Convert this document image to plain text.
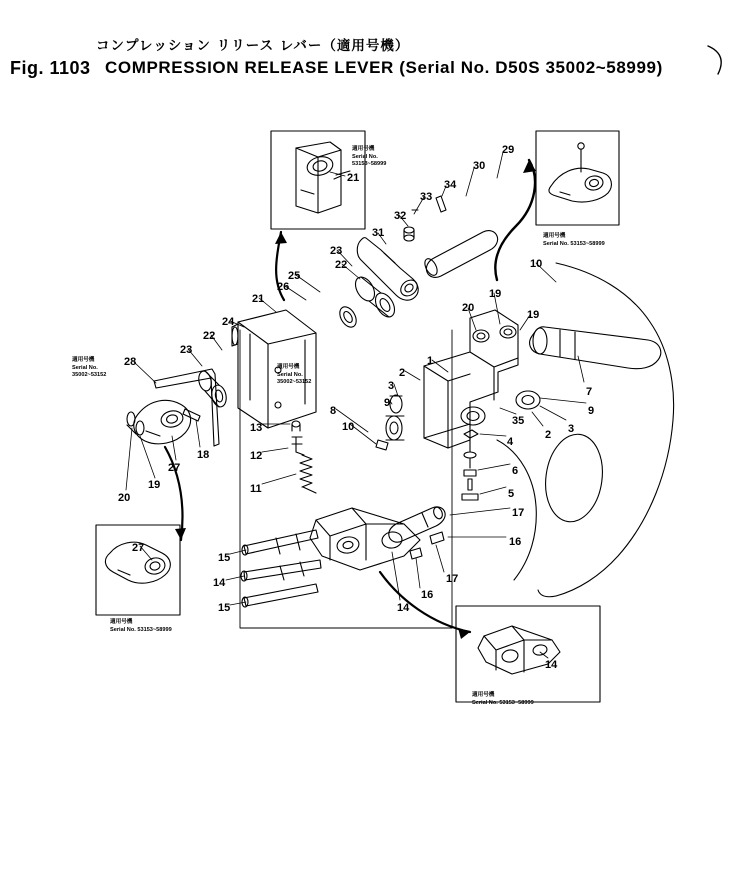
コンプレッション リリース レバー（適用号機）
Fig. 1103 COMPRESSION RELEASE LEVER (Serial No. D50S 35002~58999)
適用号機
Serial No.
53153~58999
適用号機
Serial No. 53153~58999
適用号機
Serial No.
35002~53152
適用号機
Serial No.
35002~53152
適用号機
Serial No. 53153~58999
適用号機
Serial No. 53153~58999
21
29
30
34
33
32
31
23
22
26
25
24
21
22
23
28
13
12
11
8
10
9
3
2
1
20
19
19
10
7
9
3
2
35
4
6
5
17
16
17
16
14
15
14
15
27
18
19
20
27
14
